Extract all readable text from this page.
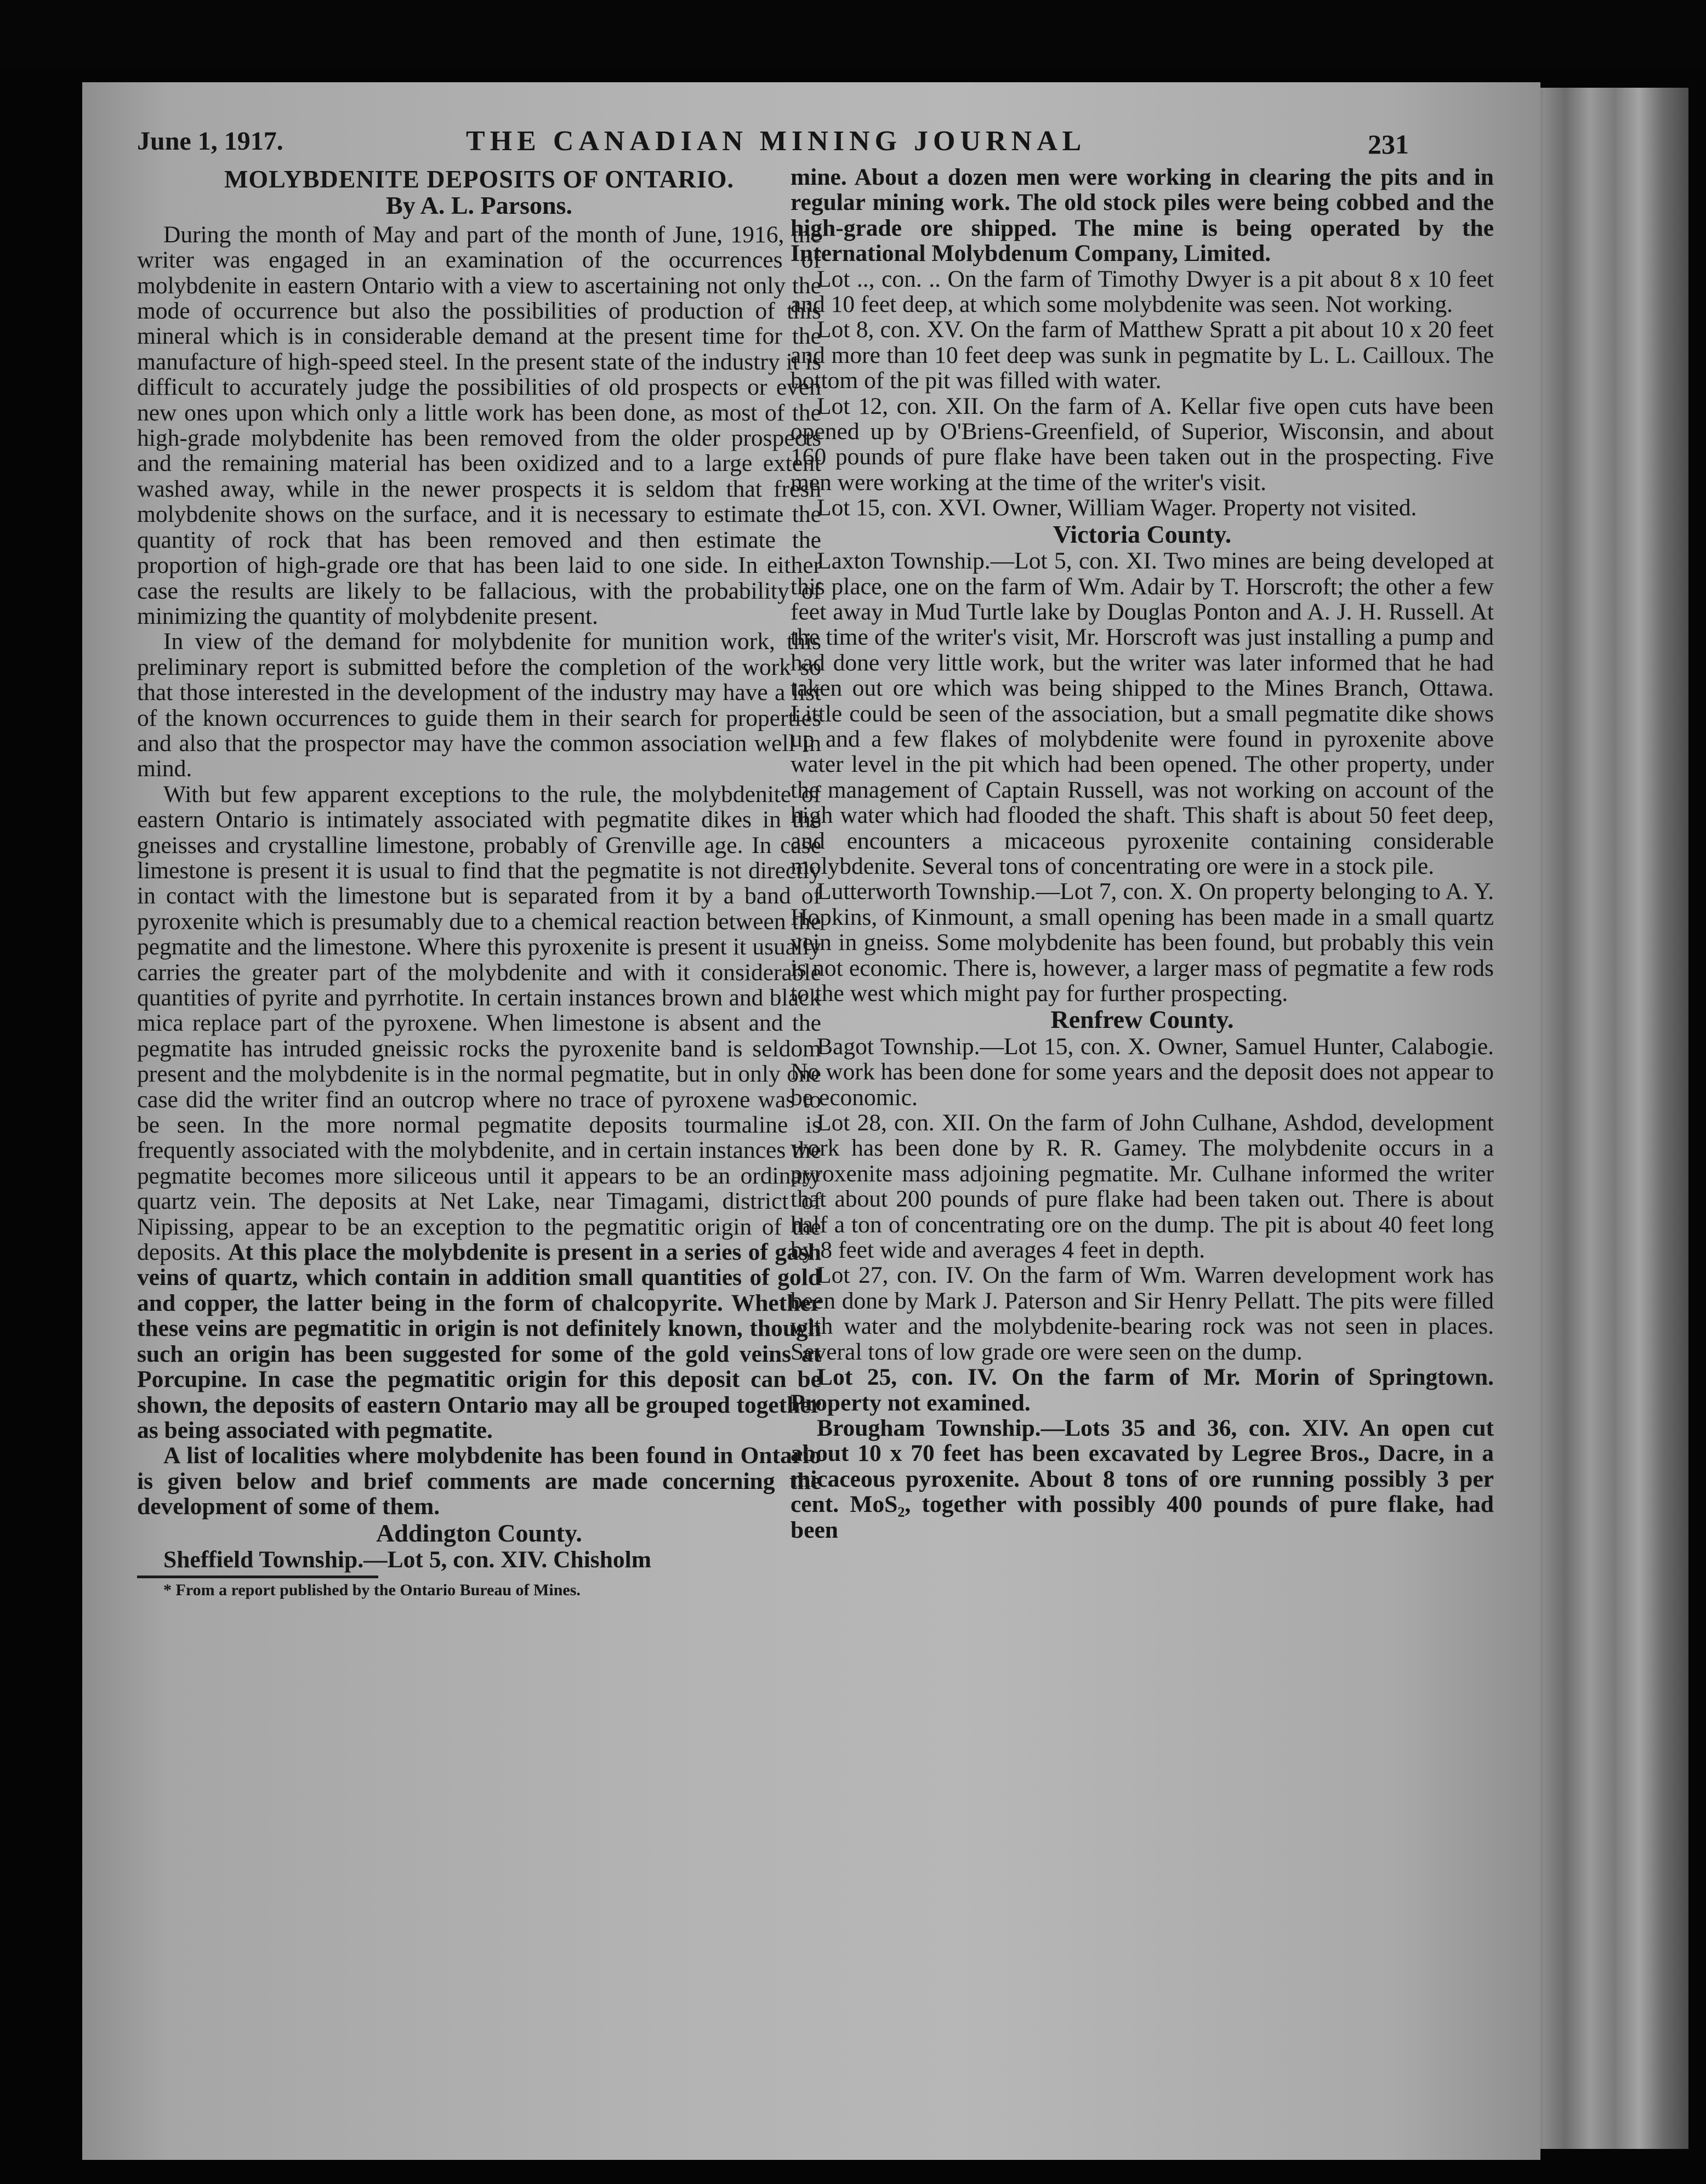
June 1, 1917.	THE CANADIAN MINING JOURNAL	231
MOLYBDENITE DEPOSITS OF ONTARIO.
By A. L. Parsons.

During the month of May and part of the month of June, 1916, the writer was engaged in an examination of the occurrences of molybdenite in eastern Ontario with a view to ascertaining not only the mode of occurrence but also the possibilities of production of this mineral which is in considerable demand at the present time for the manufacture of high-speed steel. In the present state of the industry it is difficult to accurately judge the possibilities of old prospects or even new ones upon which only a little work has been done, as most of the high-grade molybdenite has been removed from the older prospects and the remaining material has been oxidized and to a large extent washed away, while in the newer prospects it is seldom that fresh molybdenite shows on the surface, and it is necessary to estimate the quantity of rock that has been removed and then estimate the proportion of high-grade ore that has been laid to one side. In either case the results are likely to be fallacious, with the probability of minimizing the quantity of molybdenite present.

In view of the demand for molybdenite for munition work, this preliminary report is submitted before the completion of the work so that those interested in the development of the industry may have a list of the known occurrences to guide them in their search for properties and also that the prospector may have the common association well in mind.

With but few apparent exceptions to the rule, the molybdenite of eastern Ontario is intimately associated with pegmatite dikes in the gneisses and crystalline limestone, probably of Grenville age. In case limestone is present it is usual to find that the pegmatite is not directly in contact with the limestone but is separated from it by a band of pyroxenite which is presumably due to a chemical reaction between the pegmatite and the limestone. Where this pyroxenite is present it usually carries the greater part of the molybdenite and with it considerable quantities of pyrite and pyrrhotite. In certain instances brown and black mica replace part of the pyroxene. When limestone is absent and the pegmatite has intruded gneissic rocks the pyroxenite band is seldom present and the molybdenite is in the normal pegmatite, but in only one case did the writer find an outcrop where no trace of pyroxene was to be seen. In the more normal pegmatite deposits tourmaline is frequently associated with the molybdenite, and in certain instances the pegmatite becomes more siliceous until it appears to be an ordinary quartz vein. The deposits at Net Lake, near Timagami, district of Nipissing, appear to be an exception to the pegmatitic origin of the deposits. At this place the molybdenite is present in a series of gash veins of quartz, which contain in addition small quantities of gold and copper, the latter being in the form of chalcopyrite. Whether these veins are pegmatitic in origin is not definitely known, though such an origin has been suggested for some of the gold veins at Porcupine. In case the pegmatitic origin for this deposit can be shown, the deposits of eastern Ontario may all be grouped together as being associated with pegmatite.

A list of localities where molybdenite has been found in Ontario is given below and brief comments are made concerning the development of some of them.

Addington County.

Sheffield Township.—Lot 5, con. XIV. Chisholm

* From a report published by the Ontario Bureau of Mines.

mine. About a dozen men were working in clearing the pits and in regular mining work. The old stock piles were being cobbed and the high-grade ore shipped. The mine is being operated by the International Molybdenum Company, Limited.

Lot .., con. .. On the farm of Timothy Dwyer is a pit about 8 x 10 feet and 10 feet deep, at which some molybdenite was seen. Not working.

Lot 8, con. XV. On the farm of Matthew Spratt a pit about 10 x 20 feet and more than 10 feet deep was sunk in pegmatite by L. L. Cailloux. The bottom of the pit was filled with water.

Lot 12, con. XII. On the farm of A. Kellar five open cuts have been opened up by O'Briens-Greenfield, of Superior, Wisconsin, and about 160 pounds of pure flake have been taken out in the prospecting. Five men were working at the time of the writer's visit.

Lot 15, con. XVI. Owner, William Wager. Property not visited.

Victoria County.

Laxton Township.—Lot 5, con. XI. Two mines are being developed at this place, one on the farm of Wm. Adair by T. Horscroft; the other a few feet away in Mud Turtle lake by Douglas Ponton and A. J. H. Russell. At the time of the writer's visit, Mr. Horscroft was just installing a pump and had done very little work, but the writer was later informed that he had taken out ore which was being shipped to the Mines Branch, Ottawa. Little could be seen of the association, but a small pegmatite dike shows up and a few flakes of molybdenite were found in pyroxenite above water level in the pit which had been opened. The other property, under the management of Captain Russell, was not working on account of the high water which had flooded the shaft. This shaft is about 50 feet deep, and encounters a micaceous pyroxenite containing considerable molybdenite. Several tons of concentrating ore were in a stock pile.

Lutterworth Township.—Lot 7, con. X. On property belonging to A. Y. Hopkins, of Kinmount, a small opening has been made in a small quartz vein in gneiss. Some molybdenite has been found, but probably this vein is not economic. There is, however, a larger mass of pegmatite a few rods to the west which might pay for further prospecting.

Renfrew County.

Bagot Township.—Lot 15, con. X. Owner, Samuel Hunter, Calabogie. No work has been done for some years and the deposit does not appear to be economic.

Lot 28, con. XII. On the farm of John Culhane, Ashdod, development work has been done by R. R. Gamey. The molybdenite occurs in a pyroxenite mass adjoining pegmatite. Mr. Culhane informed the writer that about 200 pounds of pure flake had been taken out. There is about half a ton of concentrating ore on the dump. The pit is about 40 feet long by 8 feet wide and averages 4 feet in depth.

Lot 27, con. IV. On the farm of Wm. Warren development work has been done by Mark J. Paterson and Sir Henry Pellatt. The pits were filled with water and the molybdenite-bearing rock was not seen in places. Several tons of low grade ore were seen on the dump.

Lot 25, con. IV. On the farm of Mr. Morin of Springtown. Property not examined.

Brougham Township.—Lots 35 and 36, con. XIV. An open cut about 10 x 70 feet has been excavated by Legree Bros., Dacre, in a micaceous pyroxenite. About 8 tons of ore running possibly 3 per cent. MoS₂, together with possibly 400 pounds of pure flake, had been
